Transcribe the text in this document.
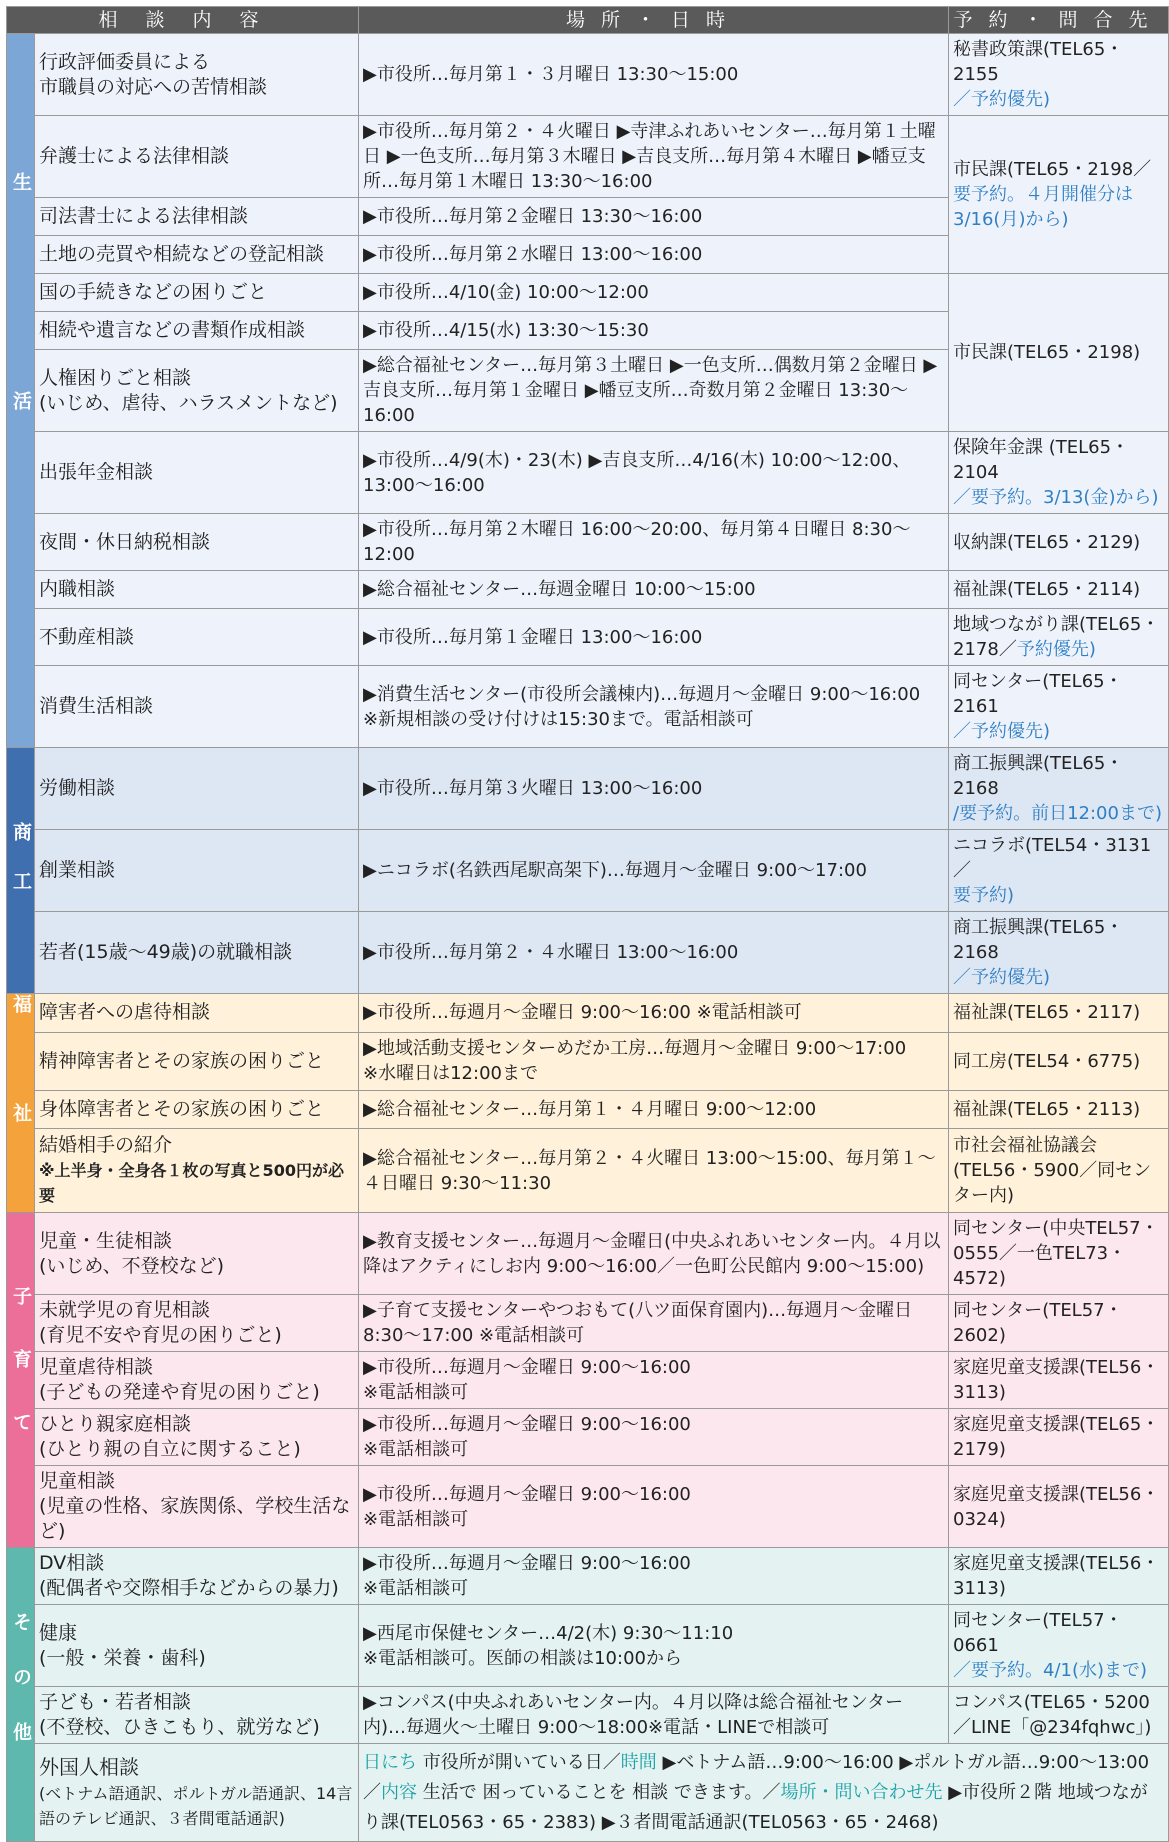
相談内容		場所・日時	予約・問合先

生活	行政評価委員による
市職員の対応への苦情相談	▶市役所…毎月第１・３月曜日 13:30〜15:00	秘書政策課(TEL65・2155
／予約優先)
	弁護士による法律相談	▶市役所…毎月第２・４火曜日 ▶寺津ふれあいセンター…毎月第１土曜日 ▶一色支所…毎月第３木曜日 ▶吉良支所…毎月第４木曜日 ▶幡豆支所…毎月第１木曜日 13:30〜16:00	市民課(TEL65・2198／要予約。４月開催分は3/16(月)から)
	司法書士による法律相談	▶市役所…毎月第２金曜日 13:30〜16:00	
	土地の売買や相続などの登記相談	▶市役所…毎月第２水曜日 13:00〜16:00	
	国の手続きなどの困りごと	▶市役所…4/10(金) 10:00〜12:00	市民課(TEL65・2198)
	相続や遺言などの書類作成相談	▶市役所…4/15(水) 13:30〜15:30	
	人権困りごと相談
(いじめ、虐待、ハラスメントなど)	▶総合福祉センター…毎月第３土曜日 ▶一色支所…偶数月第２金曜日 ▶吉良支所…毎月第１金曜日 ▶幡豆支所…奇数月第２金曜日 13:30〜16:00	
	出張年金相談	▶市役所…4/9(木)・23(木) ▶吉良支所…4/16(木) 10:00〜12:00、13:00〜16:00	保険年金課 (TEL65・2104
／要予約。3/13(金)から)
	夜間・休日納税相談	▶市役所…毎月第２木曜日 16:00〜20:00、毎月第４日曜日 8:30〜12:00	収納課(TEL65・2129)
	内職相談	▶総合福祉センター…毎週金曜日 10:00〜15:00	福祉課(TEL65・2114)
	不動産相談	▶市役所…毎月第１金曜日 13:00〜16:00	地域つながり課(TEL65・2178／予約優先)
	消費生活相談	▶消費生活センター(市役所会議棟内)…毎週月〜金曜日 9:00〜16:00
※新規相談の受け付けは15:30まで。電話相談可	同センター(TEL65・2161
／予約優先)

商工	労働相談	▶市役所…毎月第３火曜日 13:00〜16:00	商工振興課(TEL65・2168
/要予約。前日12:00まで)
	創業相談	▶ニコラボ(名鉄西尾駅高架下)…毎週月〜金曜日 9:00〜17:00	ニコラボ(TEL54・3131／
要予約)
	若者(15歳〜49歳)の就職相談	▶市役所…毎月第２・４水曜日 13:00〜16:00	商工振興課(TEL65・2168
／予約優先)

福祉	障害者への虐待相談	▶市役所…毎週月〜金曜日 9:00〜16:00 ※電話相談可	福祉課(TEL65・2117)
	精神障害者とその家族の困りごと	▶地域活動支援センターめだか工房…毎週月〜金曜日 9:00〜17:00
※水曜日は12:00まで	同工房(TEL54・6775)
	身体障害者とその家族の困りごと	▶総合福祉センター…毎月第１・４月曜日 9:00〜12:00	福祉課(TEL65・2113)
	結婚相手の紹介
※上半身・全身各１枚の写真と500円が必要	▶総合福祉センター…毎月第２・４火曜日 13:00〜15:00、毎月第１〜４日曜日 9:30〜11:30	市社会福祉協議会(TEL56・5900／同センター内)

子育て	児童・生徒相談
(いじめ、不登校など)	▶教育支援センター…毎週月〜金曜日(中央ふれあいセンター内。４月以降はアクティにしお内 9:00〜16:00／一色町公民館内 9:00〜15:00)	同センター(中央TEL57・0555／一色TEL73・4572)
	未就学児の育児相談
(育児不安や育児の困りごと)	▶子育て支援センターやつおもて(八ツ面保育園内)…毎週月〜金曜日 8:30〜17:00 ※電話相談可	同センター(TEL57・2602)
	児童虐待相談
(子どもの発達や育児の困りごと)	▶市役所…毎週月〜金曜日 9:00〜16:00
※電話相談可	家庭児童支援課(TEL56・3113)
	ひとり親家庭相談
(ひとり親の自立に関すること)	▶市役所…毎週月〜金曜日 9:00〜16:00
※電話相談可	家庭児童支援課(TEL65・2179)
	児童相談
(児童の性格、家族関係、学校生活など)	▶市役所…毎週月〜金曜日 9:00〜16:00
※電話相談可	家庭児童支援課(TEL56・0324)

その他	DV相談
(配偶者や交際相手などからの暴力)	▶市役所…毎週月〜金曜日 9:00〜16:00
※電話相談可	家庭児童支援課(TEL56・3113)
	健康
(一般・栄養・歯科)	▶西尾市保健センター…4/2(木) 9:30〜11:10
※電話相談可。医師の相談は10:00から	同センター(TEL57・0661
／要予約。4/1(水)まで)
	子ども・若者相談
(不登校、ひきこもり、就労など)	▶コンパス(中央ふれあいセンター内。４月以降は総合福祉センター内)…毎週火〜土曜日 9:00〜18:00※電話・LINEで相談可	コンパス(TEL65・5200／LINE「@234fqhwc」)
	外国人相談
(ベトナム語通訳、ポルトガル語通訳、14言語のテレビ通訳、３者間電話通訳)	日にち 市役所が開いている日／時間 ▶ベトナム語…9:00〜16:00 ▶ポルトガル語…9:00〜13:00／内容 生活で 困っていることを 相談 できます。／場所・問い合わせ先 ▶市役所２階 地域つながり課(TEL0563・65・2383) ▶３者間電話通訳(TEL0563・65・2468)	
